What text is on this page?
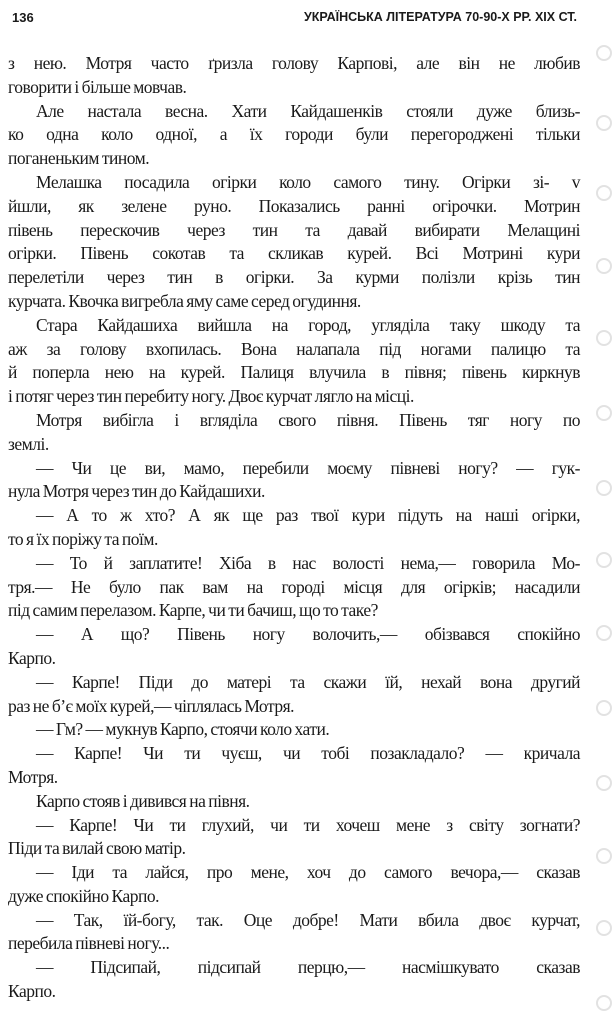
136	УКРАЇНСЬКА ЛІТЕРАТУРА 70-90-Х РР. XIX СТ.
з нею. Мотря часто ґризла голову Карпові, але він не любив
говорити і більше мовчав.
Але настала весна. Хати Кайдашенків стояли дуже близь-
ко одна коло одної, а їх городи були перегороджені тільки
поганеньким тином.
Мелашка посадила огірки коло самого тину. Огірки зі- v
йшли, як зелене руно. Показались ранні огірочки. Мотрин
півень перескочив через тин та давай вибирати Мелащині
огірки. Півень сокотав та скликав курей. Всі Мотрині кури
перелетіли через тин в огірки. За курми полізли крізь тин
курчата. Квочка вигребла яму саме серед огудиння.
Стара Кайдашиха вийшла на город, угляділа таку шкоду та
аж за голову вхопилась. Вона налапала під ногами палицю та
й поперла нею на курей. Палиця влучила в півня; півень киркнув
і потяг через тин перебиту ногу. Двоє курчат лягло на місці.
Мотря вибігла і вгляділа свого півня. Півень тяг ногу по
землі.
— Чи це ви, мамо, перебили моєму півневі ногу? — гук-
нула Мотря через тин до Кайдашихи.
— А то ж хто? А як ще раз твої кури підуть на наші огірки,
то я їх поріжу та поїм.
— То й заплатите! Хіба в нас волості нема,— говорила Мо-
тря.— Не було пак вам на городі місця для огірків; насадили
під самим перелазом. Карпе, чи ти бачиш, що то таке?
— А що? Півень ногу волочить,— обізвався спокійно
Карпо.
— Карпе! Піди до матері та скажи їй, нехай вона другий
раз не б’є моїх курей,— чіплялась Мотря.
— Гм? — мукнув Карпо, стоячи коло хати.
— Карпе! Чи ти чуєш, чи тобі позакладало? — кричала
Мотря.
Карпо стояв і дивився на півня.
— Карпе! Чи ти глухий, чи ти хочеш мене з світу зогнати?
Піди та вилай свою матір.
— Іди та лайся, про мене, хоч до самого вечора,— сказав
дуже спокійно Карпо.
— Так, їй-богу, так. Оце добре! Мати вбила двоє курчат,
перебила півневі ногу...
— Підсипай, підсипай перцю,— насмішкувато сказав
Карпо.
